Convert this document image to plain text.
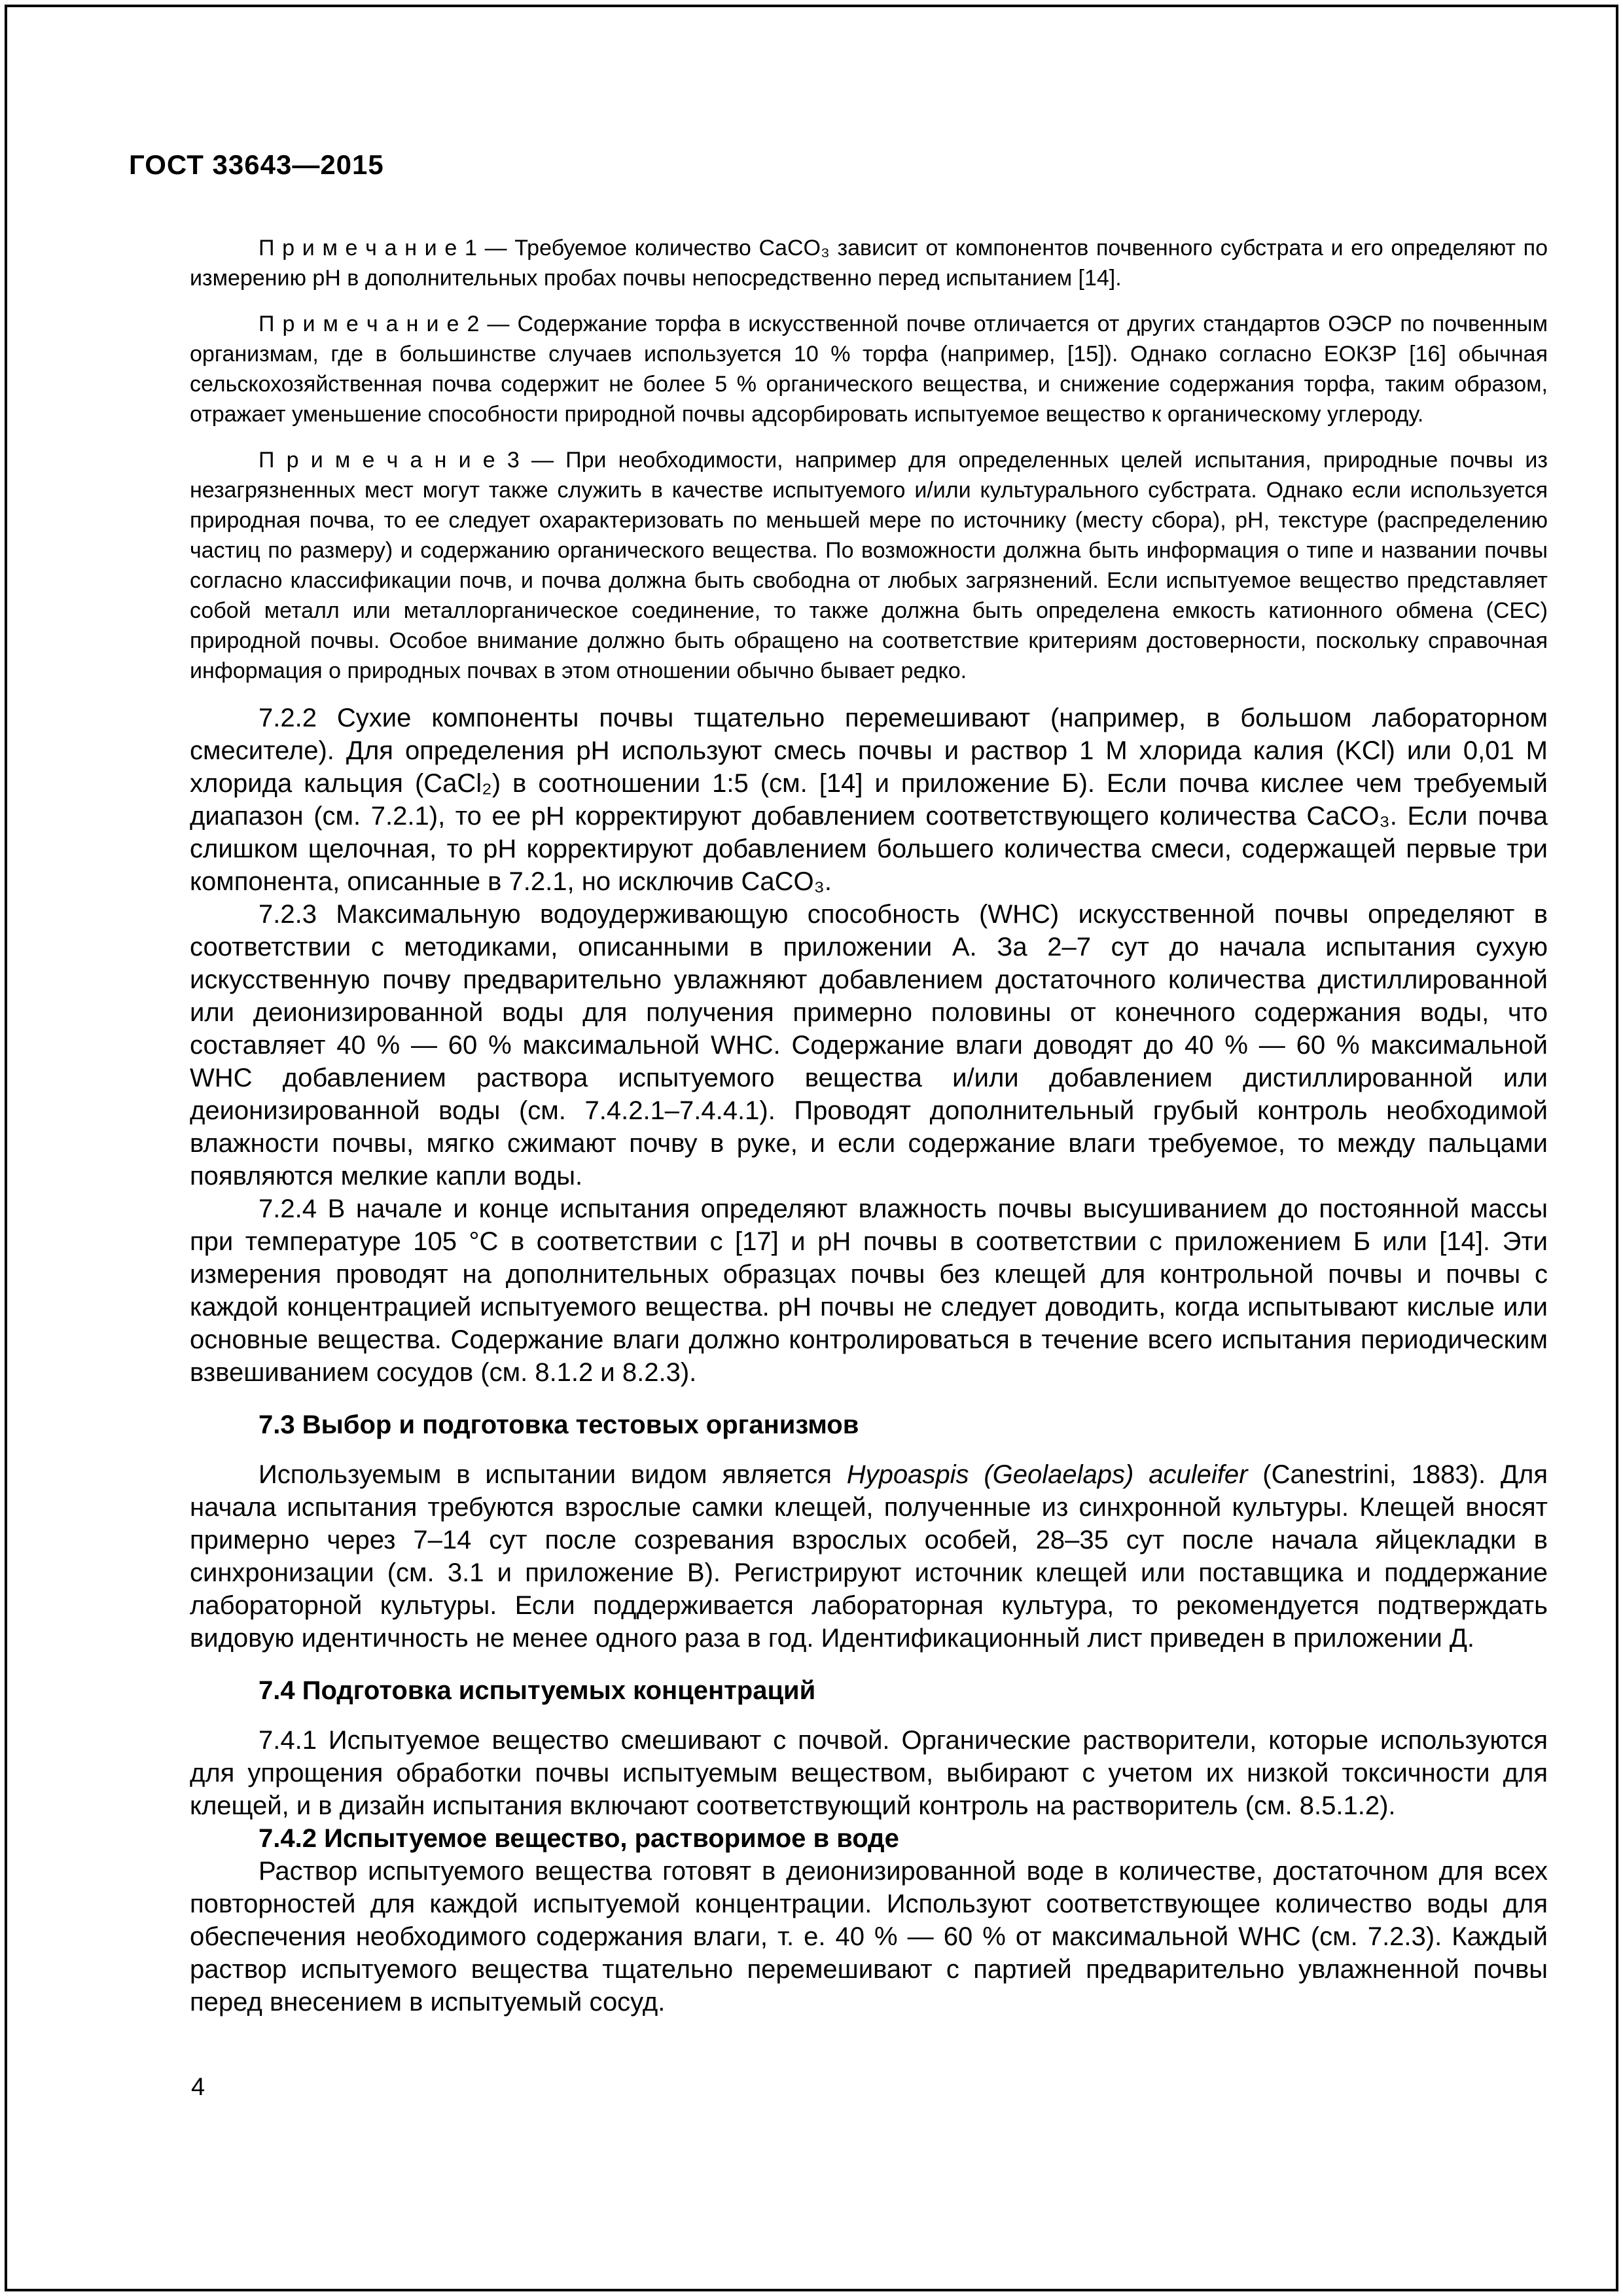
ГОСТ 33643—2015

П р и м е ч а н и е 1 — Требуемое количество CaCO₃ зависит от компонентов почвенного субстрата и его определяют по измерению pH в дополнительных пробах почвы непосредственно перед испытанием [14].

П р и м е ч а н и е 2 — Содержание торфа в искусственной почве отличается от других стандартов ОЭСР по почвенным организмам, где в большинстве случаев используется 10 % торфа (например, [15]). Однако согласно ЕОКЗР [16] обычная сельскохозяйственная почва содержит не более 5 % органического вещества, и снижение содержания торфа, таким образом, отражает уменьшение способности природной почвы адсорбировать испытуемое вещество к органическому углероду.

П р и м е ч а н и е 3 — При необходимости, например для определенных целей испытания, природные почвы из незагрязненных мест могут также служить в качестве испытуемого и/или культурального субстрата. Однако если используется природная почва, то ее следует охарактеризовать по меньшей мере по источнику (месту сбора), pH, текстуре (распределению частиц по размеру) и содержанию органического вещества. По возможности должна быть информация о типе и названии почвы согласно классификации почв, и почва должна быть свободна от любых загрязнений. Если испытуемое вещество представляет собой металл или металлорганическое соединение, то также должна быть определена емкость катионного обмена (CEC) природной почвы. Особое внимание должно быть обращено на соответствие критериям достоверности, поскольку справочная информация о природных почвах в этом отношении обычно бывает редко.

7.2.2 Сухие компоненты почвы тщательно перемешивают (например, в большом лабораторном смесителе). Для определения pH используют смесь почвы и раствор 1 М хлорида калия (KCl) или 0,01 М хлорида кальция (CaCl₂) в соотношении 1:5 (см. [14] и приложение Б). Если почва кислее чем требуемый диапазон (см. 7.2.1), то ее pH корректируют добавлением соответствующего количества CaCO₃. Если почва слишком щелочная, то pH корректируют добавлением большего количества смеси, содержащей первые три компонента, описанные в 7.2.1, но исключив CaCO₃.

7.2.3 Максимальную водоудерживающую способность (WHC) искусственной почвы определяют в соответствии с методиками, описанными в приложении А. За 2–7 сут до начала испытания сухую искусственную почву предварительно увлажняют добавлением достаточного количества дистиллированной или деионизированной воды для получения примерно половины от конечного содержания воды, что составляет 40 % — 60 % максимальной WHC. Содержание влаги доводят до 40 % — 60 % максимальной WHC добавлением раствора испытуемого вещества и/или добавлением дистиллированной или деионизированной воды (см. 7.4.2.1–7.4.4.1). Проводят дополнительный грубый контроль необходимой влажности почвы, мягко сжимают почву в руке, и если содержание влаги требуемое, то между пальцами появляются мелкие капли воды.

7.2.4 В начале и конце испытания определяют влажность почвы высушиванием до постоянной массы при температуре 105 °С в соответствии с [17] и pH почвы в соответствии с приложением Б или [14]. Эти измерения проводят на дополнительных образцах почвы без клещей для контрольной почвы и почвы с каждой концентрацией испытуемого вещества. pH почвы не следует доводить, когда испытывают кислые или основные вещества. Содержание влаги должно контролироваться в течение всего испытания периодическим взвешиванием сосудов (см. 8.1.2 и 8.2.3).

7.3 Выбор и подготовка тестовых организмов

Используемым в испытании видом является Hypoaspis (Geolaelaps) aculeifer (Canestrini, 1883). Для начала испытания требуются взрослые самки клещей, полученные из синхронной культуры. Клещей вносят примерно через 7–14 сут после созревания взрослых особей, 28–35 сут после начала яйцекладки в синхронизации (см. 3.1 и приложение В). Регистрируют источник клещей или поставщика и поддержание лабораторной культуры. Если поддерживается лабораторная культура, то рекомендуется подтверждать видовую идентичность не менее одного раза в год. Идентификационный лист приведен в приложении Д.

7.4 Подготовка испытуемых концентраций

7.4.1 Испытуемое вещество смешивают с почвой. Органические растворители, которые используются для упрощения обработки почвы испытуемым веществом, выбирают с учетом их низкой токсичности для клещей, и в дизайн испытания включают соответствующий контроль на растворитель (см. 8.5.1.2).

7.4.2 Испытуемое вещество, растворимое в воде

Раствор испытуемого вещества готовят в деионизированной воде в количестве, достаточном для всех повторностей для каждой испытуемой концентрации. Используют соответствующее количество воды для обеспечения необходимого содержания влаги, т. е. 40 % — 60 % от максимальной WHC (см. 7.2.3). Каждый раствор испытуемого вещества тщательно перемешивают с партией предварительно увлажненной почвы перед внесением в испытуемый сосуд.

4
